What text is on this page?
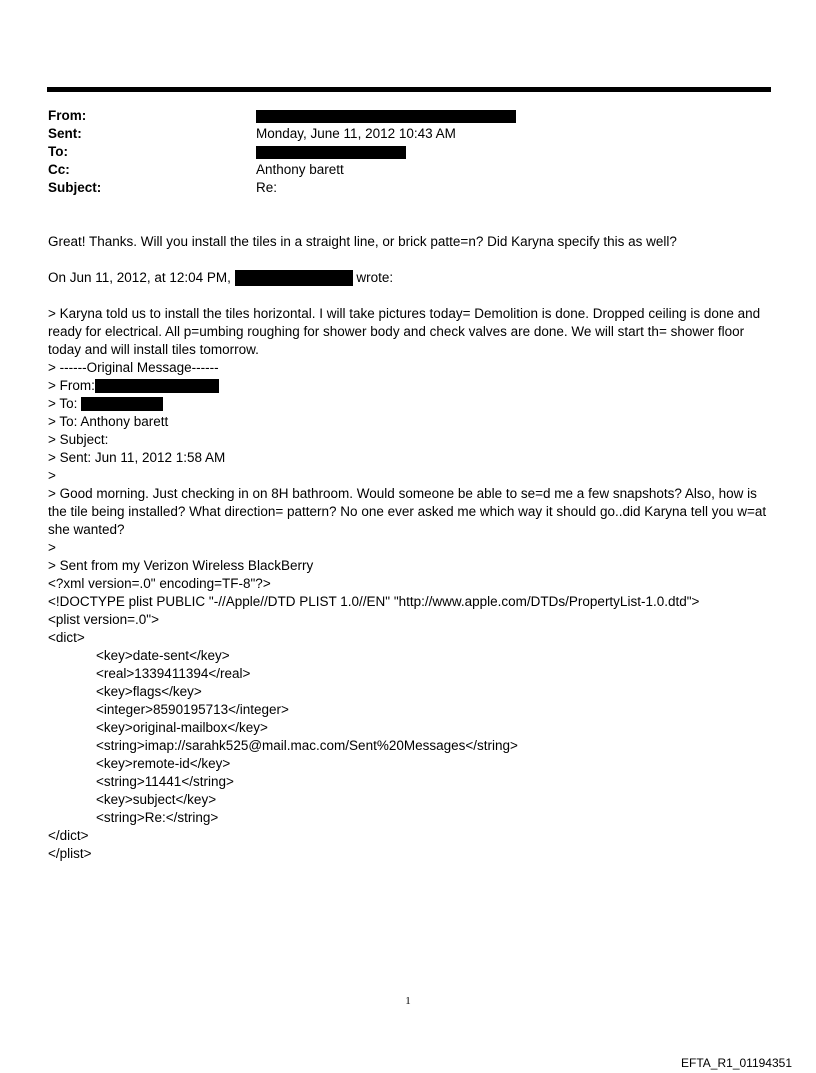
From:
Sent:	Monday, June 11, 2012 10:43 AM
To:
Cc:	Anthony barett
Subject:	Re:

Great! Thanks. Will you install the tiles in a straight line, or brick patte=n? Did Karyna specify this as well?

On Jun 11, 2012, at 12:04 PM,	wrote:

> Karyna told us to install the tiles horizontal. I will take pictures today= Demolition is done. Dropped ceiling is done and ready for electrical. All p=umbing roughing for shower body and check valves are done. We will start th= shower floor today and will install tiles tomorrow.

> ------Original Message------

> From:

> To:

> To: Anthony barett

> Subject:

> Sent: Jun 11, 2012 1:58 AM

>

> Good morning. Just checking in on 8H bathroom. Would someone be able to se=d me a few snapshots? Also, how is the tile being installed? What direction= pattern? No one ever asked me which way it should go..did Karyna tell you w=at she wanted?

>

> Sent from my Verizon Wireless BlackBerry

<?xml version=.0" encoding=TF-8"?>

<!DOCTYPE plist PUBLIC "-//Apple//DTD PLIST 1.0//EN" "http://www.apple.com/DTDs/PropertyList-1.0.dtd">

<plist version=.0">

<dict>

<key>date-sent</key>

<real>1339411394</real>

<key>flags</key>

<integer>8590195713</integer>

<key>original-mailbox</key>

<string>imap://sarahk525@mail.mac.com/Sent%20Messages</string>

<key>remote-id</key>

<string>11441</string>

<key>subject</key>

<string>Re:</string>

</dict>

</plist>

1
EFTA_R1_01194351
